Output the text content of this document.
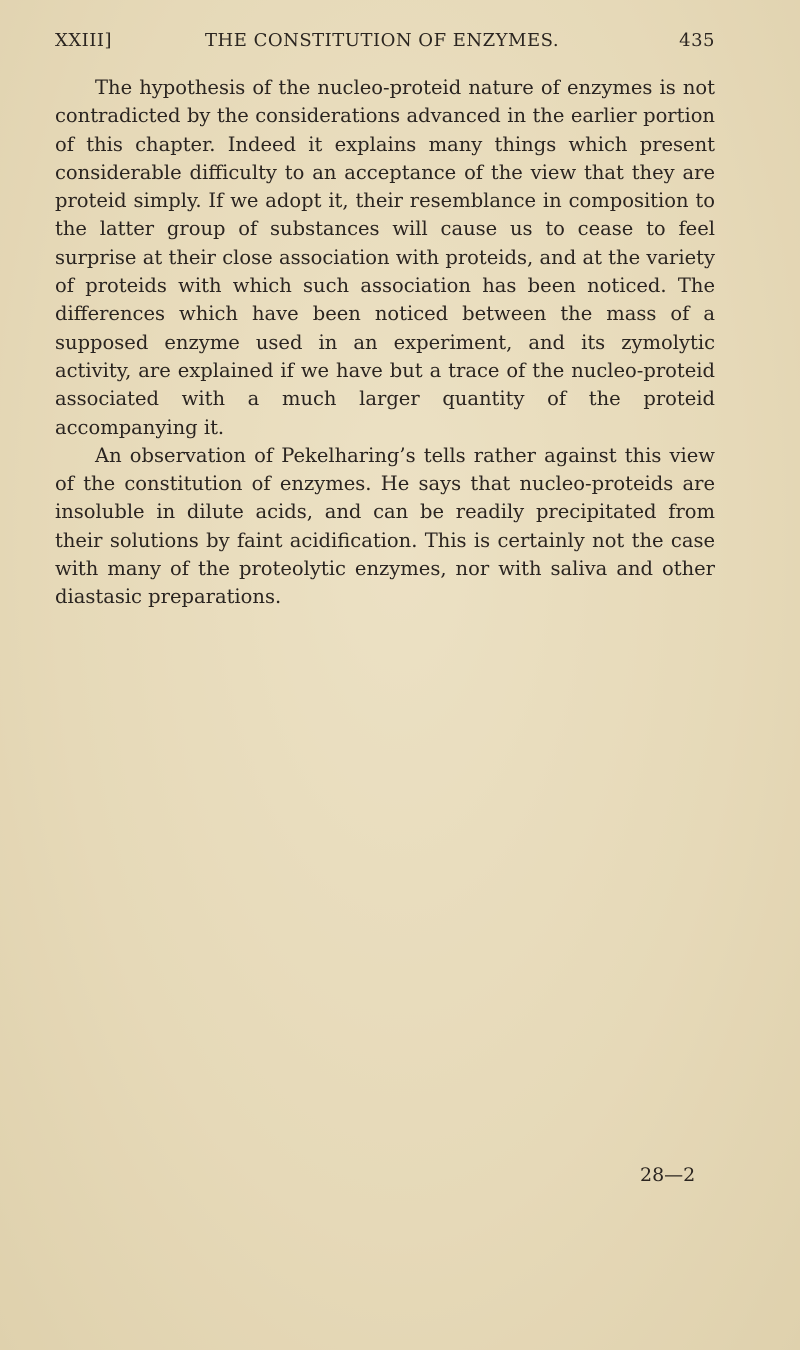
XXIII]	THE CONSTITUTION OF ENZYMES.	435

The hypothesis of the nucleo-proteid nature of enzymes is not contradicted by the considerations advanced in the earlier portion of this chapter. Indeed it explains many things which present considerable difficulty to an acceptance of the view that they are proteid simply. If we adopt it, their resemblance in composition to the latter group of substances will cause us to cease to feel surprise at their close association with proteids, and at the variety of proteids with which such association has been noticed. The differences which have been noticed between the mass of a supposed enzyme used in an experiment, and its zymolytic activity, are explained if we have but a trace of the nucleo-proteid associated with a much larger quantity of the proteid accompanying it.

An observation of Pekelharing’s tells rather against this view of the constitution of enzymes. He says that nucleo-proteids are insoluble in dilute acids, and can be readily precipitated from their solutions by faint acidification. This is certainly not the case with many of the proteolytic enzymes, nor with saliva and other diastasic preparations.

28—2
